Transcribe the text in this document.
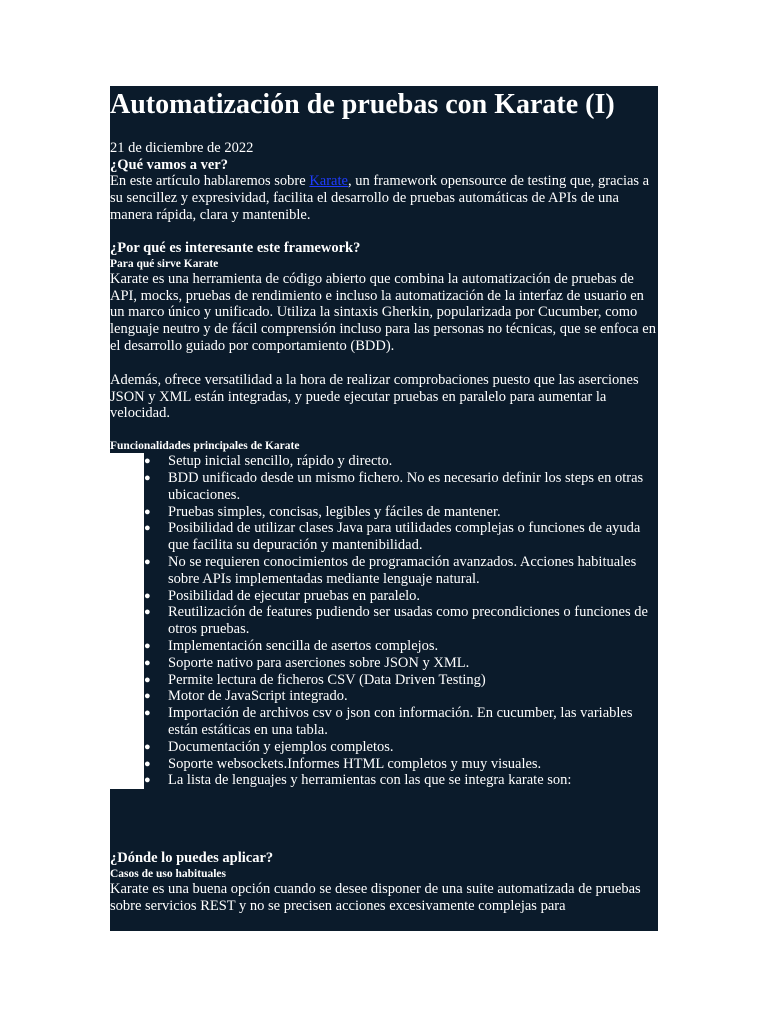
Automatización de pruebas con Karate (I)
21 de diciembre de 2022
¿Qué vamos a ver?
En este artículo hablaremos sobre Karate, un framework opensource de testing que, gracias a su sencillez y expresividad, facilita el desarrollo de pruebas automáticas de APIs de una manera rápida, clara y mantenible.
¿Por qué es interesante este framework?
Para qué sirve Karate
Karate es una herramienta de código abierto que combina la automatización de pruebas de API, mocks, pruebas de rendimiento e incluso la automatización de la interfaz de usuario en un marco único y unificado. Utiliza la sintaxis Gherkin, popularizada por Cucumber, como lenguaje neutro y de fácil comprensión incluso para las personas no técnicas, que se enfoca en el desarrollo guiado por comportamiento (BDD).
Además, ofrece versatilidad a la hora de realizar comprobaciones puesto que las aserciones JSON y XML están integradas, y puede ejecutar pruebas en paralelo para aumentar la velocidad.
Funcionalidades principales de Karate
● Setup inicial sencillo, rápido y directo.
● BDD unificado desde un mismo fichero. No es necesario definir los steps en otras ubicaciones.
● Pruebas simples, concisas, legibles y fáciles de mantener.
● Posibilidad de utilizar clases Java para utilidades complejas o funciones de ayuda que facilita su depuración y mantenibilidad.
● No se requieren conocimientos de programación avanzados. Acciones habituales sobre APIs implementadas mediante lenguaje natural.
● Posibilidad de ejecutar pruebas en paralelo.
● Reutilización de features pudiendo ser usadas como precondiciones o funciones de otros pruebas.
● Implementación sencilla de asertos complejos.
● Soporte nativo para aserciones sobre JSON y XML.
● Permite lectura de ficheros CSV (Data Driven Testing)
● Motor de JavaScript integrado.
● Importación de archivos csv o json con información. En cucumber, las variables están estáticas en una tabla.
● Documentación y ejemplos completos.
● Soporte websockets.Informes HTML completos y muy visuales.
● La lista de lenguajes y herramientas con las que se integra karate son:
¿Dónde lo puedes aplicar?
Casos de uso habituales
Karate es una buena opción cuando se desee disponer de una suite automatizada de pruebas sobre servicios REST y no se precisen acciones excesivamente complejas para
